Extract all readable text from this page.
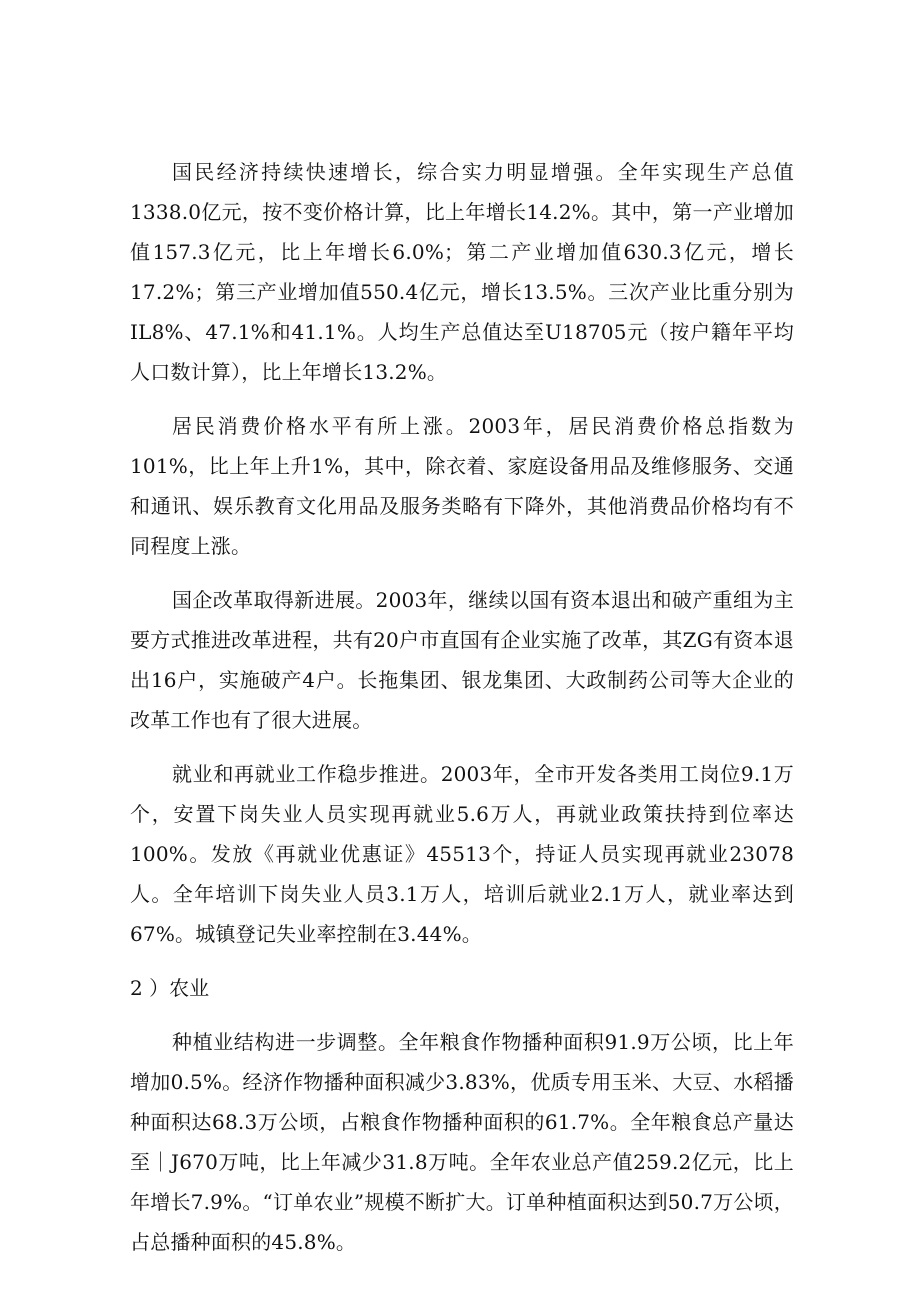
国民经济持续快速增长，综合实力明显增强。全年实现生产总值1338.0亿元，按不变价格计算，比上年增长14.2%。其中，第一产业增加值157.3亿元，比上年增长6.0%；第二产业增加值630.3亿元，增长17.2%；第三产业增加值550.4亿元，增长13.5%。三次产业比重分别为IL8%、47.1%和41.1%。人均生产总值达至U18705元（按户籍年平均人口数计算），比上年增长13.2%。

居民消费价格水平有所上涨。2003年，居民消费价格总指数为101%，比上年上升1%，其中，除衣着、家庭设备用品及维修服务、交通和通讯、娱乐教育文化用品及服务类略有下降外，其他消费品价格均有不同程度上涨。

国企改革取得新进展。2003年，继续以国有资本退出和破产重组为主要方式推进改革进程，共有20户市直国有企业实施了改革，其ZG有资本退出16户，实施破产4户。长拖集团、银龙集团、大政制药公司等大企业的改革工作也有了很大进展。

就业和再就业工作稳步推进。2003年，全市开发各类用工岗位9.1万个，安置下岗失业人员实现再就业5.6万人，再就业政策扶持到位率达100%。发放《再就业优惠证》45513个，持证人员实现再就业23078人。全年培训下岗失业人员3.1万人，培训后就业2.1万人，就业率达到67%。城镇登记失业率控制在3.44%。

2 ）农业

种植业结构进一步调整。全年粮食作物播种面积91.9万公顷，比上年增加0.5%。经济作物播种面积减少3.83%，优质专用玉米、大豆、水稻播种面积达68.3万公顷，占粮食作物播种面积的61.7%。全年粮食总产量达至｜J670万吨，比上年减少31.8万吨。全年农业总产值259.2亿元，比上年增长7.9%。“订单农业”规模不断扩大。订单种植面积达到50.7万公顷，占总播种面积的45.8%。
